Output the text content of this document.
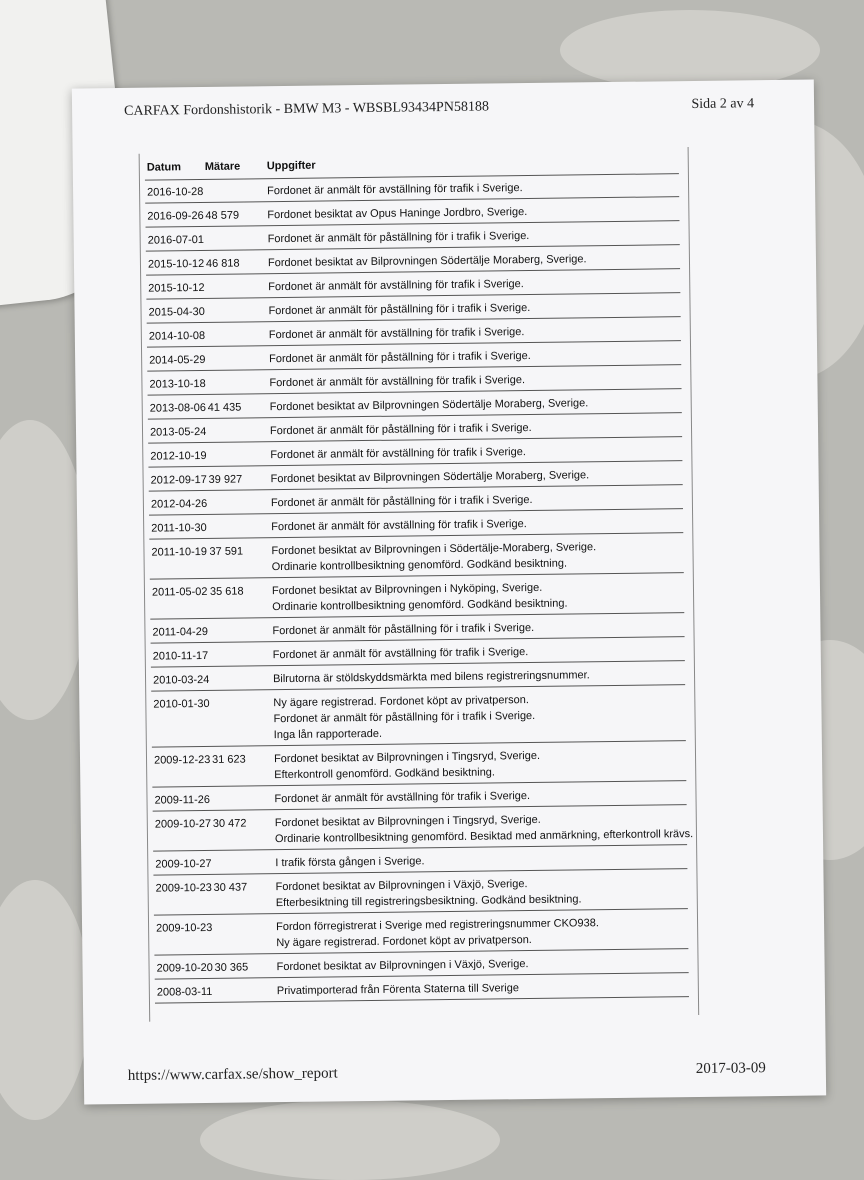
CARFAX Fordonshistorik - BMW M3 - WBSBL93434PN58188	Sida 2 av 4
Datum Mätare Uppgifter
2016-10-28	Fordonet är anmält för avställning för trafik i Sverige.
2016-09-26 48 579	Fordonet besiktat av Opus Haninge Jordbro, Sverige.
2016-07-01	Fordonet är anmält för påställning för i trafik i Sverige.
2015-10-12 46 818	Fordonet besiktat av Bilprovningen Södertälje Moraberg, Sverige.
2015-10-12	Fordonet är anmält för avställning för trafik i Sverige.
2015-04-30	Fordonet är anmält för påställning för i trafik i Sverige.
2014-10-08	Fordonet är anmält för avställning för trafik i Sverige.
2014-05-29	Fordonet är anmält för påställning för i trafik i Sverige.
2013-10-18	Fordonet är anmält för avställning för trafik i Sverige.
2013-08-06 41 435	Fordonet besiktat av Bilprovningen Södertälje Moraberg, Sverige.
2013-05-24	Fordonet är anmält för påställning för i trafik i Sverige.
2012-10-19	Fordonet är anmält för avställning för trafik i Sverige.
2012-09-17 39 927	Fordonet besiktat av Bilprovningen Södertälje Moraberg, Sverige.
2012-04-26	Fordonet är anmält för påställning för i trafik i Sverige.
2011-10-30	Fordonet är anmält för avställning för trafik i Sverige.
2011-10-19 37 591	Fordonet besiktat av Bilprovningen i Södertälje-Moraberg, Sverige.
Ordinarie kontrollbesiktning genomförd. Godkänd besiktning.
2011-05-02 35 618	Fordonet besiktat av Bilprovningen i Nyköping, Sverige.
Ordinarie kontrollbesiktning genomförd. Godkänd besiktning.
2011-04-29	Fordonet är anmält för påställning för i trafik i Sverige.
2010-11-17	Fordonet är anmält för avställning för trafik i Sverige.
2010-03-24	Bilrutorna är stöldskyddsmärkta med bilens registreringsnummer.
2010-01-30	Ny ägare registrerad. Fordonet köpt av privatperson.
Fordonet är anmält för påställning för i trafik i Sverige.
Inga lån rapporterade.
2009-12-23 31 623	Fordonet besiktat av Bilprovningen i Tingsryd, Sverige.
Efterkontroll genomförd. Godkänd besiktning.
2009-11-26	Fordonet är anmält för avställning för trafik i Sverige.
2009-10-27 30 472	Fordonet besiktat av Bilprovningen i Tingsryd, Sverige.
Ordinarie kontrollbesiktning genomförd. Besiktad med anmärkning, efterkontroll krävs.
2009-10-27	I trafik första gången i Sverige.
2009-10-23 30 437	Fordonet besiktat av Bilprovningen i Växjö, Sverige.
Efterbesiktning till registreringsbesiktning. Godkänd besiktning.
2009-10-23	Fordon förregistrerat i Sverige med registreringsnummer CKO938.
Ny ägare registrerad. Fordonet köpt av privatperson.
2009-10-20 30 365	Fordonet besiktat av Bilprovningen i Växjö, Sverige.
2008-03-11	Privatimporterad från Förenta Staterna till Sverige
https://www.carfax.se/show_report	2017-03-09
